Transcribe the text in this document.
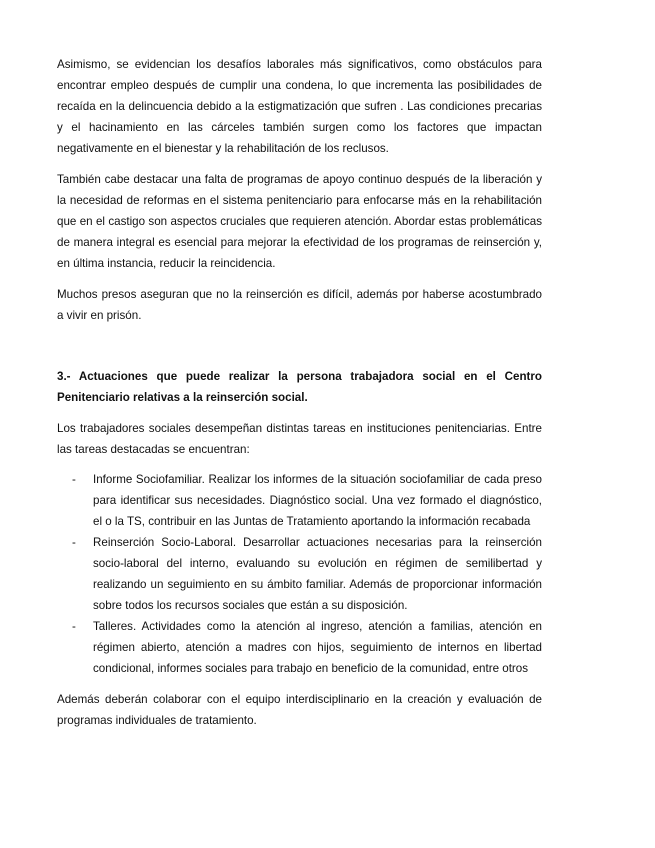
Asimismo, se evidencian los desafíos laborales más significativos, como obstáculos para encontrar empleo después de cumplir una condena, lo que incrementa las posibilidades de recaída en la delincuencia debido a la estigmatización que sufren . Las condiciones precarias y el hacinamiento en las cárceles también surgen como los factores que impactan negativamente en el bienestar y la rehabilitación de los reclusos.

También cabe destacar una falta de programas de apoyo continuo después de la liberación y la necesidad de reformas en el sistema penitenciario para enfocarse más en la rehabilitación que en el castigo son aspectos cruciales que requieren atención. Abordar estas problemáticas de manera integral es esencial para mejorar la efectividad de los programas de reinserción y, en última instancia, reducir la reincidencia.

Muchos presos aseguran que no la reinserción es difícil, además por haberse acostumbrado a vivir en prisón.

3.- Actuaciones que puede realizar la persona trabajadora social en el Centro Penitenciario relativas a la reinserción social.

Los trabajadores sociales desempeñan distintas tareas en instituciones penitenciarias. Entre las tareas destacadas se encuentran:

- Informe Sociofamiliar. Realizar los informes de la situación sociofamiliar de cada preso para identificar sus necesidades. Diagnóstico social. Una vez formado el diagnóstico, el o la TS, contribuir en las Juntas de Tratamiento aportando la información recabada
- Reinserción Socio-Laboral. Desarrollar actuaciones necesarias para la reinserción socio-laboral del interno, evaluando su evolución en régimen de semilibertad y realizando un seguimiento en su ámbito familiar. Además de proporcionar información sobre todos los recursos sociales que están a su disposición.
- Talleres. Actividades como la atención al ingreso, atención a familias, atención en régimen abierto, atención a madres con hijos, seguimiento de internos en libertad condicional, informes sociales para trabajo en beneficio de la comunidad, entre otros

Además deberán colaborar con el equipo interdisciplinario en la creación y evaluación de programas individuales de tratamiento.
